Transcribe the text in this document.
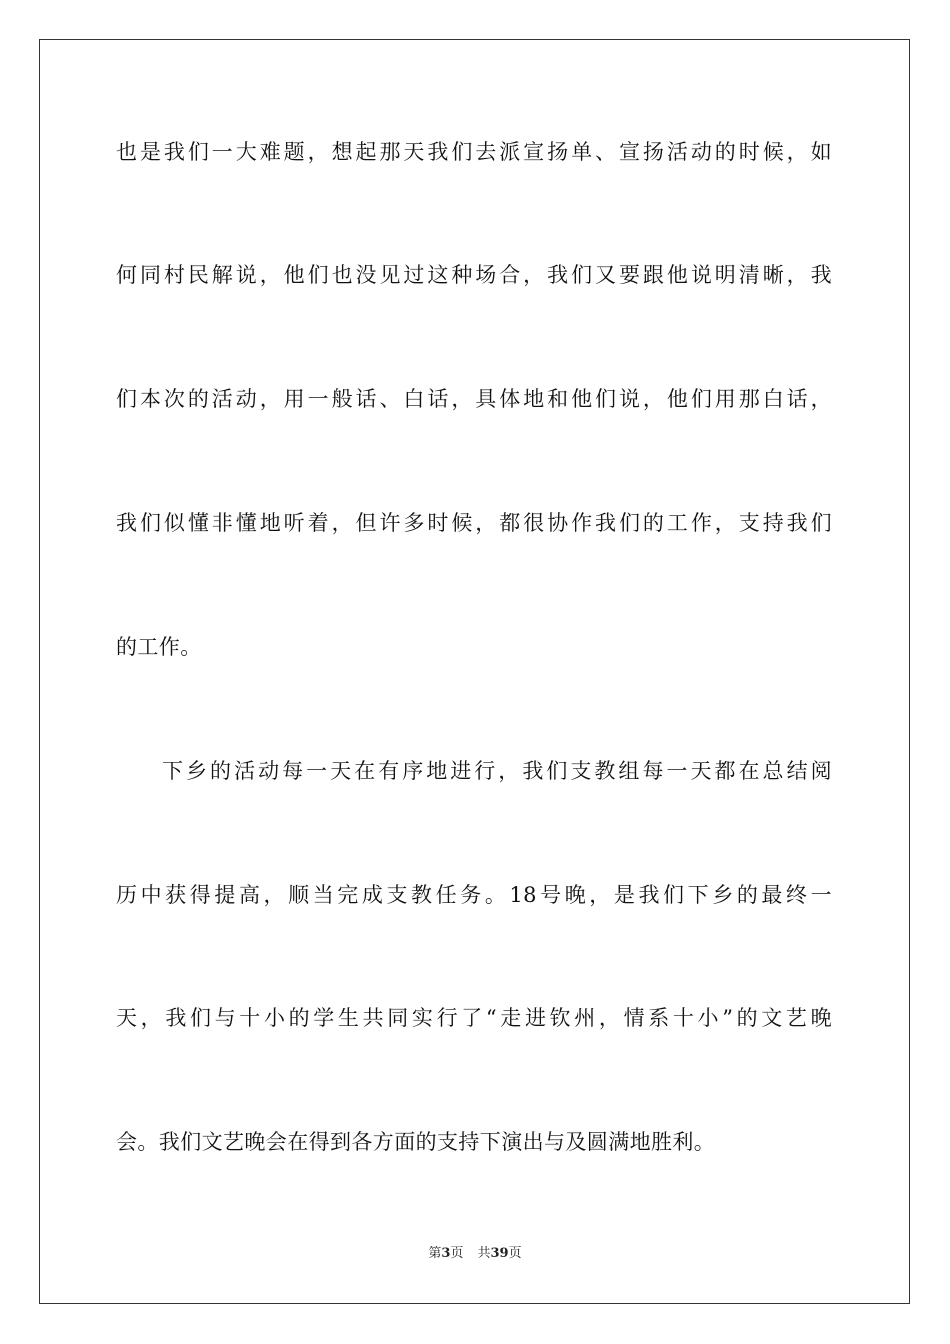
也是我们一大难题，想起那天我们去派宣扬单、宣扬活动的时候，如
何同村民解说，他们也没见过这种场合，我们又要跟他说明清晰，我
们本次的活动，用一般话、白话，具体地和他们说，他们用那白话，
我们似懂非懂地听着，但许多时候，都很协作我们的工作，支持我们
的工作。
下乡的活动每一天在有序地进行，我们支教组每一天都在总结阅
历中获得提高，顺当完成支教任务。18号晚，是我们下乡的最终一
天，我们与十小的学生共同实行了“走进钦州，情系十小”的文艺晚
会。我们文艺晚会在得到各方面的支持下演出与及圆满地胜利。
第3页 共39页
